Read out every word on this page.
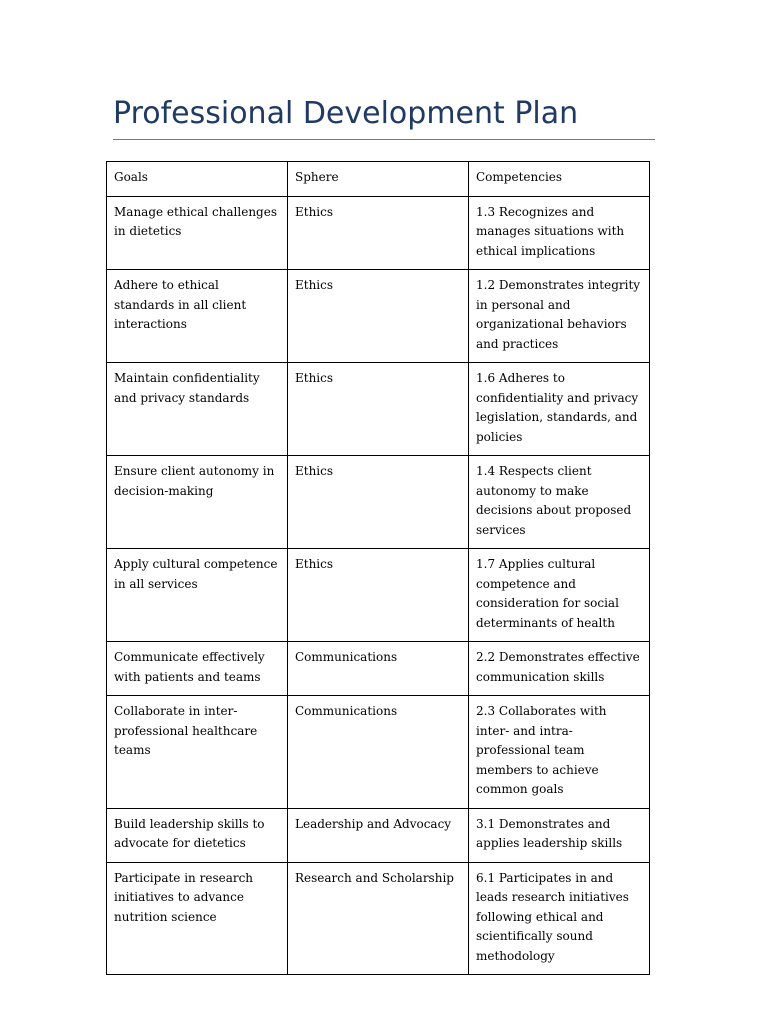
Professional Development Plan
Goals	Sphere	Competencies
Manage ethical challenges in dietetics	Ethics	1.3 Recognizes and manages situations with ethical implications
Adhere to ethical standards in all client interactions	Ethics	1.2 Demonstrates integrity in personal and organizational behaviors and practices
Maintain confidentiality and privacy standards	Ethics	1.6 Adheres to confidentiality and privacy legislation, standards, and policies
Ensure client autonomy in decision-making	Ethics	1.4 Respects client autonomy to make decisions about proposed services
Apply cultural competence in all services	Ethics	1.7 Applies cultural competence and consideration for social determinants of health
Communicate effectively with patients and teams	Communications	2.2 Demonstrates effective communication skills
Collaborate in inter-professional healthcare teams	Communications	2.3 Collaborates with inter- and intra-professional team members to achieve common goals
Build leadership skills to advocate for dietetics	Leadership and Advocacy	3.1 Demonstrates and applies leadership skills
Participate in research initiatives to advance nutrition science	Research and Scholarship	6.1 Participates in and leads research initiatives following ethical and scientifically sound methodology
